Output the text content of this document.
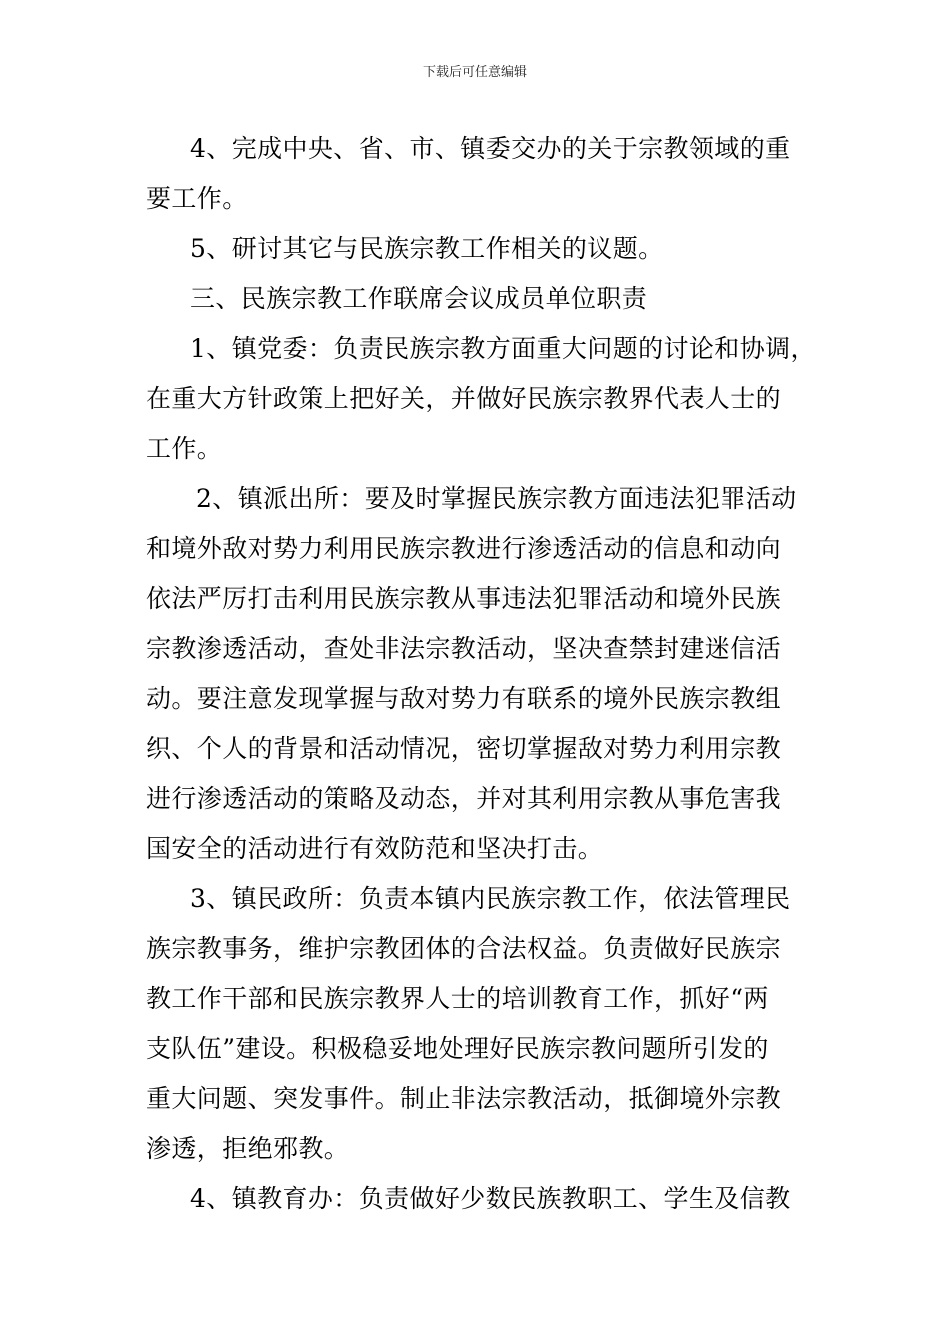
下载后可任意编辑
4、完成中央、省、市、镇委交办的关于宗教领域的重
要工作。
5、研讨其它与民族宗教工作相关的议题。
三、民族宗教工作联席会议成员单位职责
1、镇党委：负责民族宗教方面重大问题的讨论和协调，
在重大方针政策上把好关，并做好民族宗教界代表人士的
工作。
2、镇派出所：要及时掌握民族宗教方面违法犯罪活动
和境外敌对势力利用民族宗教进行渗透活动的信息和动向
依法严厉打击利用民族宗教从事违法犯罪活动和境外民族
宗教渗透活动，查处非法宗教活动，坚决查禁封建迷信活
动。要注意发现掌握与敌对势力有联系的境外民族宗教组
织、个人的背景和活动情况，密切掌握敌对势力利用宗教
进行渗透活动的策略及动态，并对其利用宗教从事危害我
国安全的活动进行有效防范和坚决打击。
3、镇民政所：负责本镇内民族宗教工作，依法管理民
族宗教事务，维护宗教团体的合法权益。负责做好民族宗
教工作干部和民族宗教界人士的培训教育工作，抓好“两
支队伍”建设。积极稳妥地处理好民族宗教问题所引发的
重大问题、突发事件。制止非法宗教活动，抵御境外宗教
渗透，拒绝邪教。
4、镇教育办：负责做好少数民族教职工、学生及信教
